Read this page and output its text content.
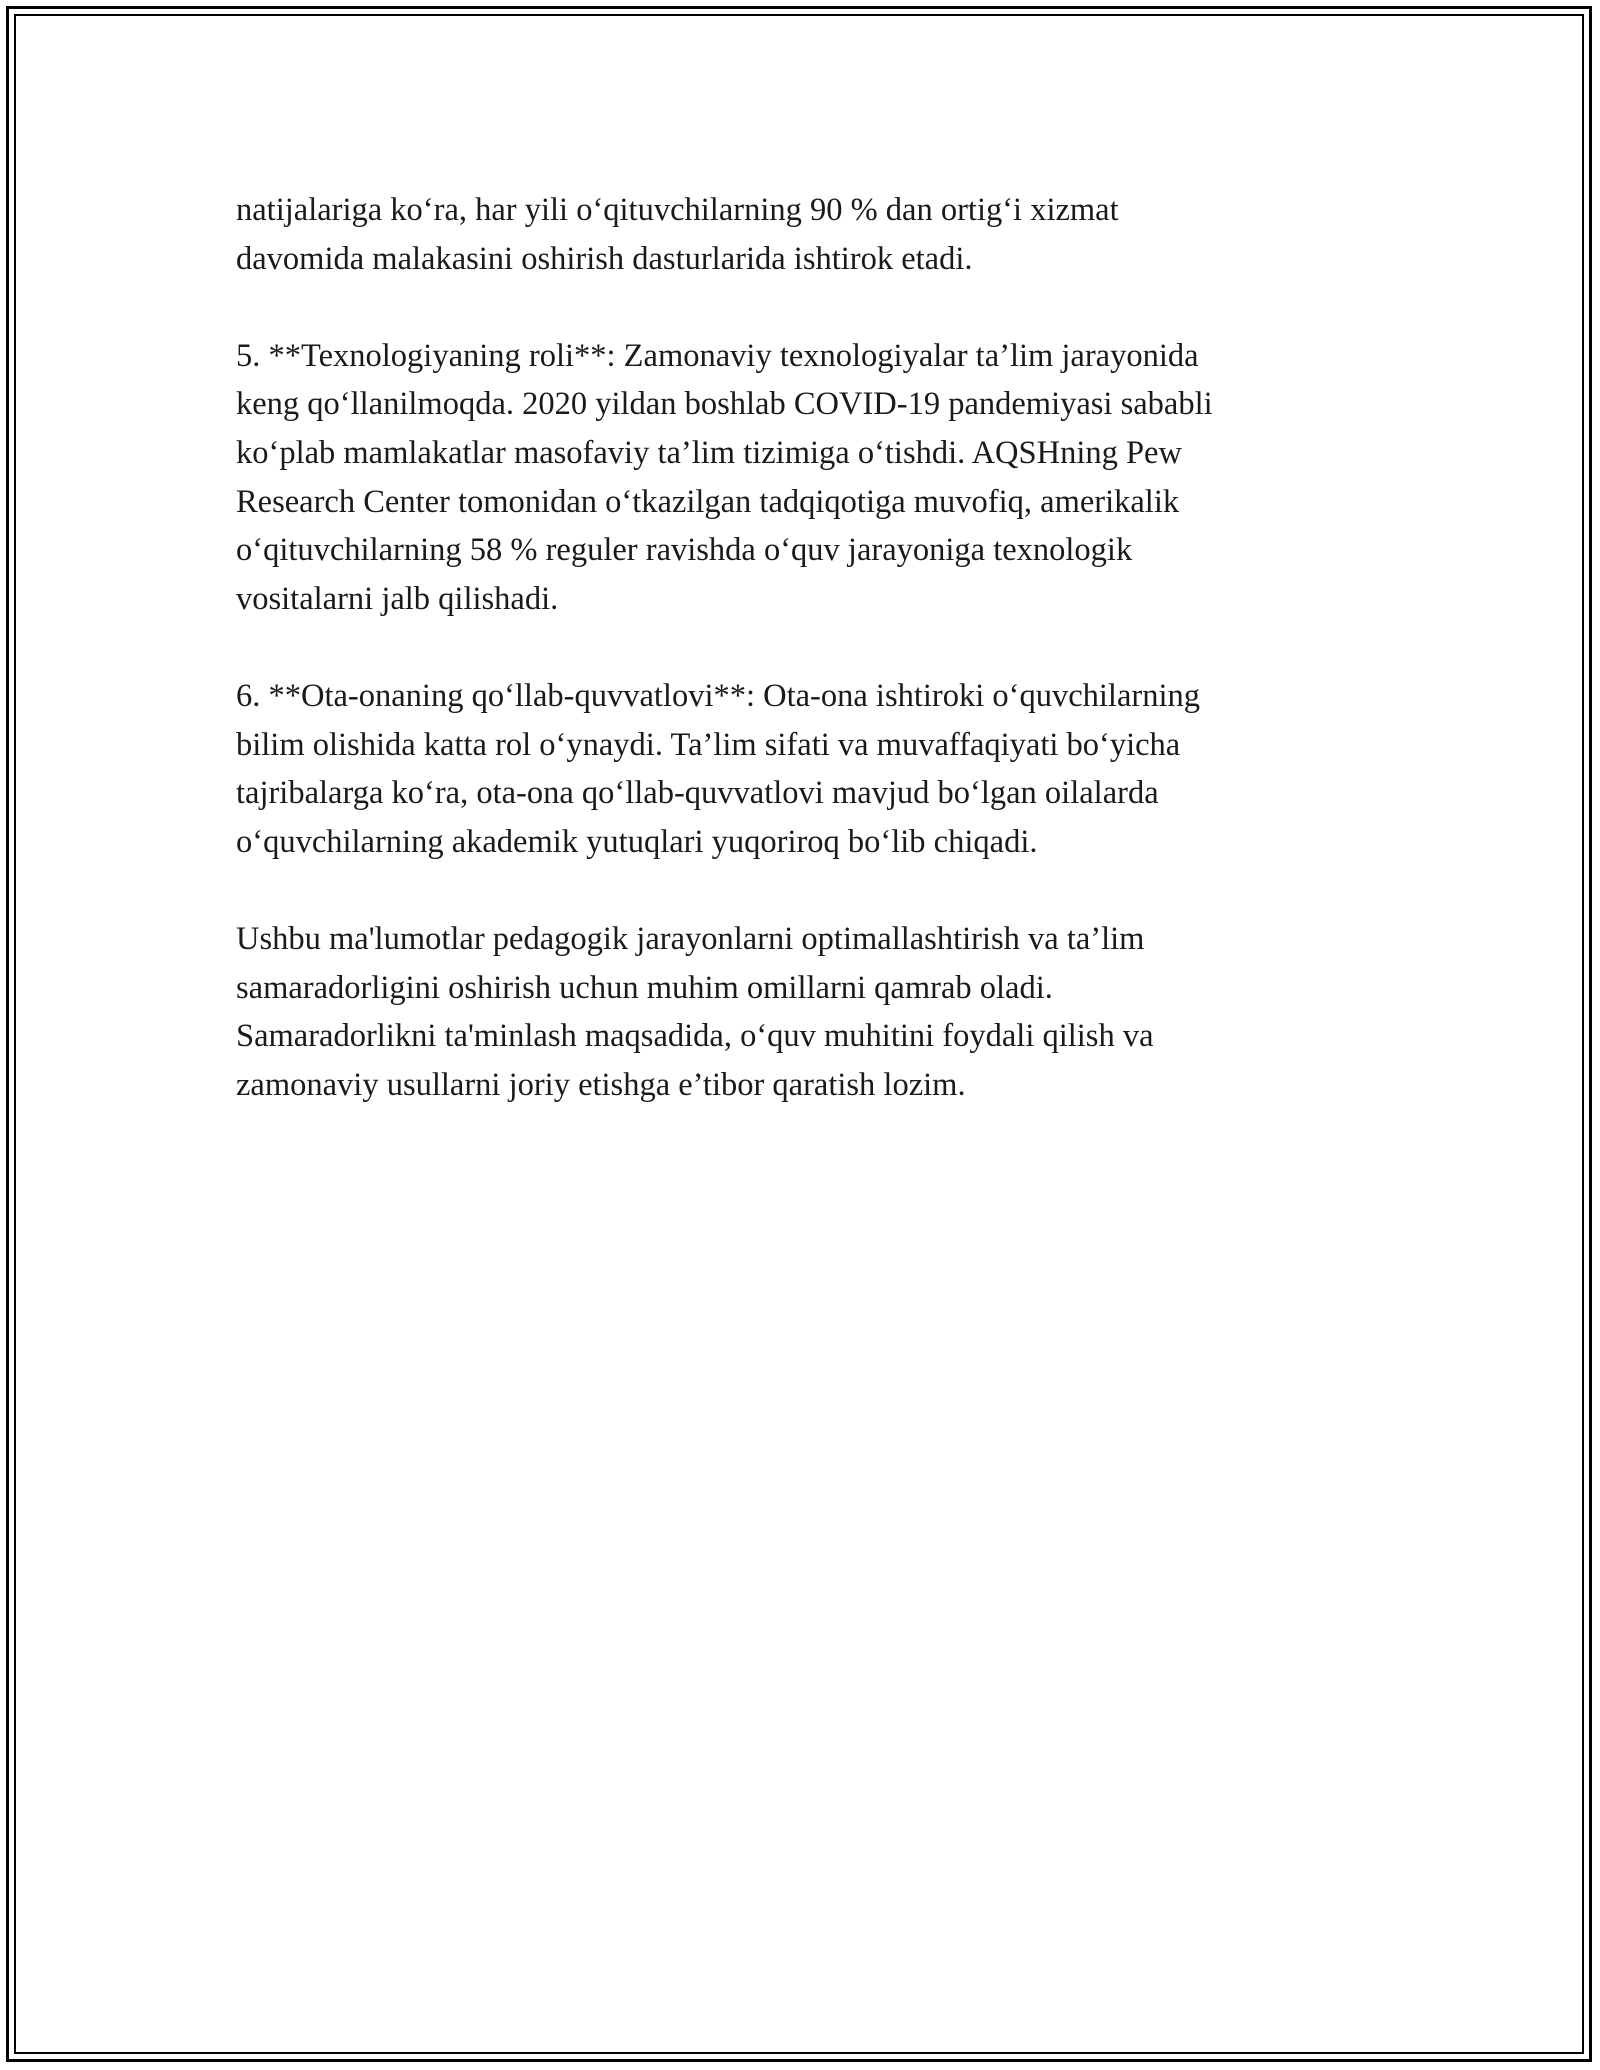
natijalariga ko‘ra, har yili o‘qituvchilarning 90 % dan ortig‘i xizmat
davomida malakasini oshirish dasturlarida ishtirok etadi.

5. **Texnologiyaning roli**: Zamonaviy texnologiyalar ta’lim jarayonida
keng qo‘llanilmoqda. 2020 yildan boshlab COVID-19 pandemiyasi sababli
ko‘plab mamlakatlar masofaviy ta’lim tizimiga o‘tishdi. AQSHning Pew
Research Center tomonidan o‘tkazilgan tadqiqotiga muvofiq, amerikalik
o‘qituvchilarning 58 % reguler ravishda o‘quv jarayoniga texnologik
vositalarni jalb qilishadi.

6. **Ota-onaning qo‘llab-quvvatlovi**: Ota-ona ishtiroki o‘quvchilarning
bilim olishida katta rol o‘ynaydi. Ta’lim sifati va muvaffaqiyati bo‘yicha
tajribalarga ko‘ra, ota-ona qo‘llab-quvvatlovi mavjud bo‘lgan oilalarda
o‘quvchilarning akademik yutuqlari yuqoriroq bo‘lib chiqadi.

Ushbu ma'lumotlar pedagogik jarayonlarni optimallashtirish va ta’lim
samaradorligini oshirish uchun muhim omillarni qamrab oladi.
Samaradorlikni ta'minlash maqsadida, o‘quv muhitini foydali qilish va
zamonaviy usullarni joriy etishga e’tibor qaratish lozim.
